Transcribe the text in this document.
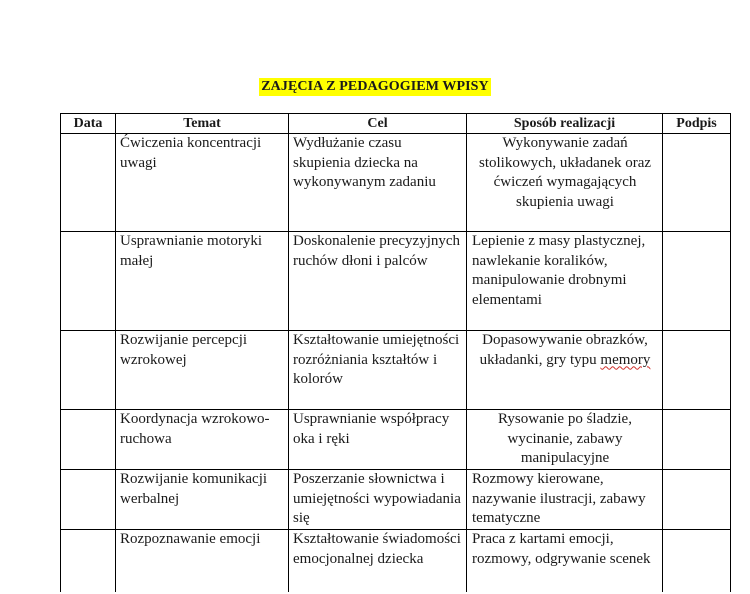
ZAJĘCIA Z PEDAGOGIEM WPISY
Data	Temat	Cel	Sposób realizacji	Podpis
	Ćwiczenia koncentracji uwagi	Wydłużanie czasu skupienia dziecka na wykonywanym zadaniu	Wykonywanie zadań stolikowych, układanek oraz ćwiczeń wymagających skupienia uwagi	
	Usprawnianie motoryki małej	Doskonalenie precyzyjnych ruchów dłoni i palców	Lepienie z masy plastycznej, nawlekanie koralików, manipulowanie drobnymi elementami	
	Rozwijanie percepcji wzrokowej	Kształtowanie umiejętności rozróżniania kształtów i kolorów	Dopasowywanie obrazków, układanki, gry typu memory	
	Koordynacja wzrokowo-ruchowa	Usprawnianie współpracy oka i ręki	Rysowanie po śladzie, wycinanie, zabawy manipulacyjne	
	Rozwijanie komunikacji werbalnej	Poszerzanie słownictwa i umiejętności wypowiadania się	Rozmowy kierowane, nazywanie ilustracji, zabawy tematyczne	
	Rozpoznawanie emocji	Kształtowanie świadomości emocjonalnej dziecka	Praca z kartami emocji, rozmowy, odgrywanie scenek	
